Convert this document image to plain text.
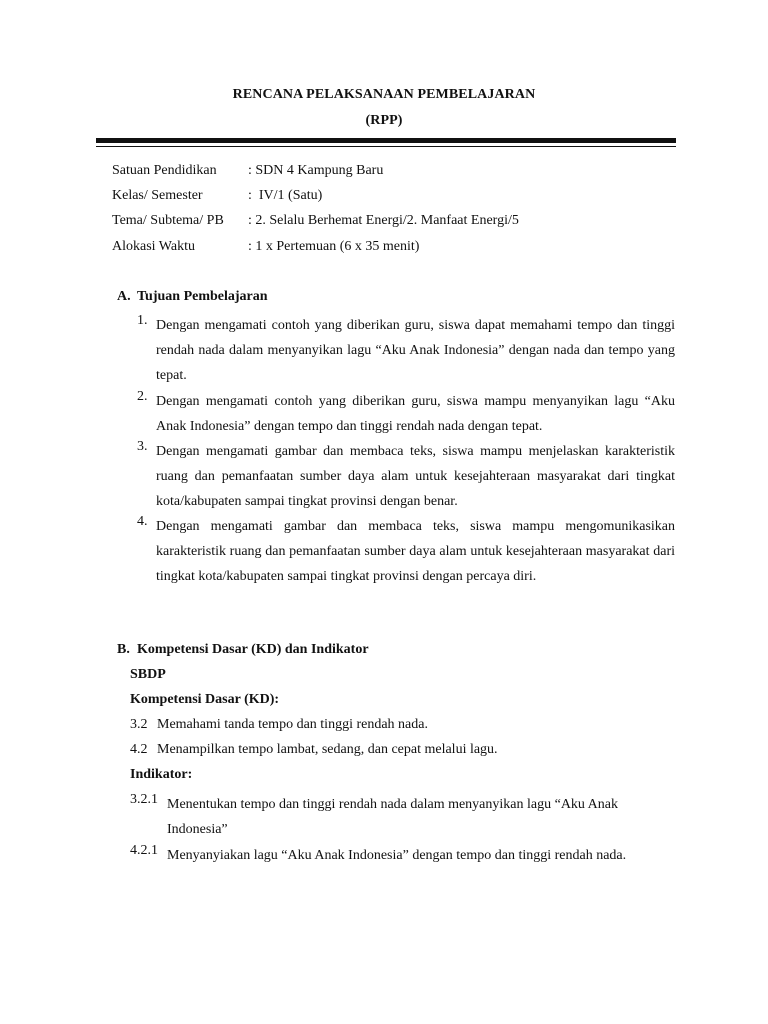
RENCANA PELAKSANAAN PEMBELAJARAN
(RPP)
Satuan Pendidikan : SDN 4 Kampung Baru
Kelas/ Semester	:  IV/1 (Satu)
Tema/ Subtema/ PB : 2. Selalu Berhemat Energi/2. Manfaat Energi/5
Alokasi Waktu	: 1 x Pertemuan (6 x 35 menit)
A. Tujuan Pembelajaran
1. Dengan mengamati contoh yang diberikan guru, siswa dapat memahami tempo dan tinggi rendah nada dalam menyanyikan lagu “Aku Anak Indonesia” dengan nada dan tempo yang tepat.
2. Dengan mengamati contoh yang diberikan guru, siswa mampu menyanyikan lagu “Aku Anak Indonesia” dengan tempo dan tinggi rendah nada dengan tepat.
3. Dengan mengamati gambar dan membaca teks, siswa mampu menjelaskan karakteristik ruang dan pemanfaatan sumber daya alam untuk kesejahteraan masyarakat dari tingkat kota/kabupaten sampai tingkat provinsi dengan benar.
4. Dengan mengamati gambar dan membaca teks, siswa mampu mengomunikasikan karakteristik ruang dan pemanfaatan sumber daya alam untuk kesejahteraan masyarakat dari tingkat kota/kabupaten sampai tingkat provinsi dengan percaya diri.
B. Kompetensi Dasar (KD) dan Indikator
SBDP
Kompetensi Dasar (KD):
3.2 Memahami tanda tempo dan tinggi rendah nada.
4.2 Menampilkan tempo lambat, sedang, dan cepat melalui lagu.
Indikator:
3.2.1 Menentukan tempo dan tinggi rendah nada dalam menyanyikan lagu “Aku Anak Indonesia”
4.2.1 Menyanyiakan lagu “Aku Anak Indonesia” dengan tempo dan tinggi rendah nada.
